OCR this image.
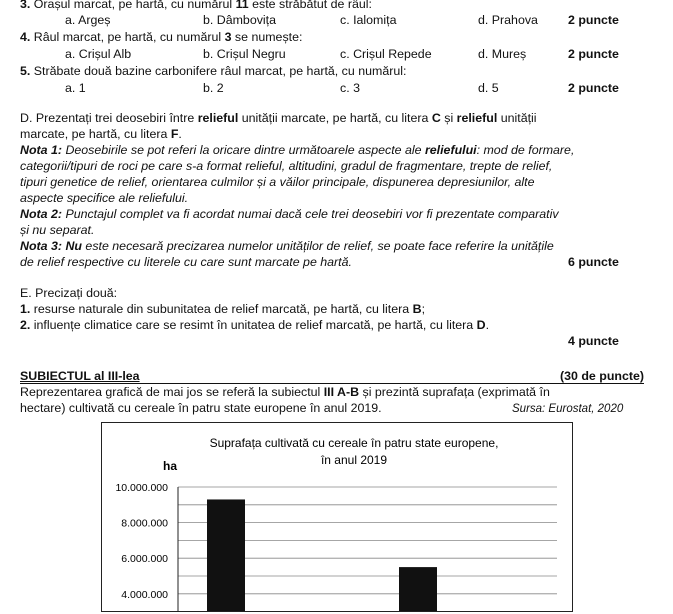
3. Orașul marcat, pe hartă, cu numărul 11 este străbătut de râul:
a. Argeș	b. Dâmbovița	c. Ialomița	d. Prahova 2 puncte
4. Râul marcat, pe hartă, cu numărul 3 se numește:
a. Crișul Alb	b. Crișul Negru	c. Crișul Repede	d. Mureș	2 puncte
5. Străbate două bazine carbonifere râul marcat, pe hartă, cu numărul:
a. 1	b. 2	c. 3	d. 5	2 puncte
D. Prezentați trei deosebiri între relieful unității marcate, pe hartă, cu litera C și relieful unității
marcate, pe hartă, cu litera F.
Nota 1: Deosebirile se pot referi la oricare dintre următoarele aspecte ale reliefului: mod de formare,
categorii/tipuri de roci pe care s-a format relieful, altitudini, gradul de fragmentare, trepte de relief,
tipuri genetice de relief, orientarea culmilor și a văilor principale, dispunerea depresiunilor, alte
aspecte specifice ale reliefului.
Nota 2: Punctajul complet va fi acordat numai dacă cele trei deosebiri vor fi prezentate comparativ
și nu separat.
Nota 3: Nu este necesară precizarea numelor unităților de relief, se poate face referire la unitățile
de relief respective cu literele cu care sunt marcate pe hartă.	6 puncte
E. Precizați două:
1. resurse naturale din subunitatea de relief marcată, pe hartă, cu litera B;
2. influențe climatice care se resimt în unitatea de relief marcată, pe hartă, cu litera D.
4 puncte
SUBIECTUL al III-lea	(30 de puncte)
Reprezentarea grafică de mai jos se referă la subiectul III A-B și prezintă suprafața (exprimată în
hectare) cultivată cu cereale în patru state europene în anul 2019.	Sursa: Eurostat, 2020
Suprafața cultivată cu cereale în patru state europene,
în anul 2019
ha
4.000.000
6.000.000
8.000.000
10.000.000
